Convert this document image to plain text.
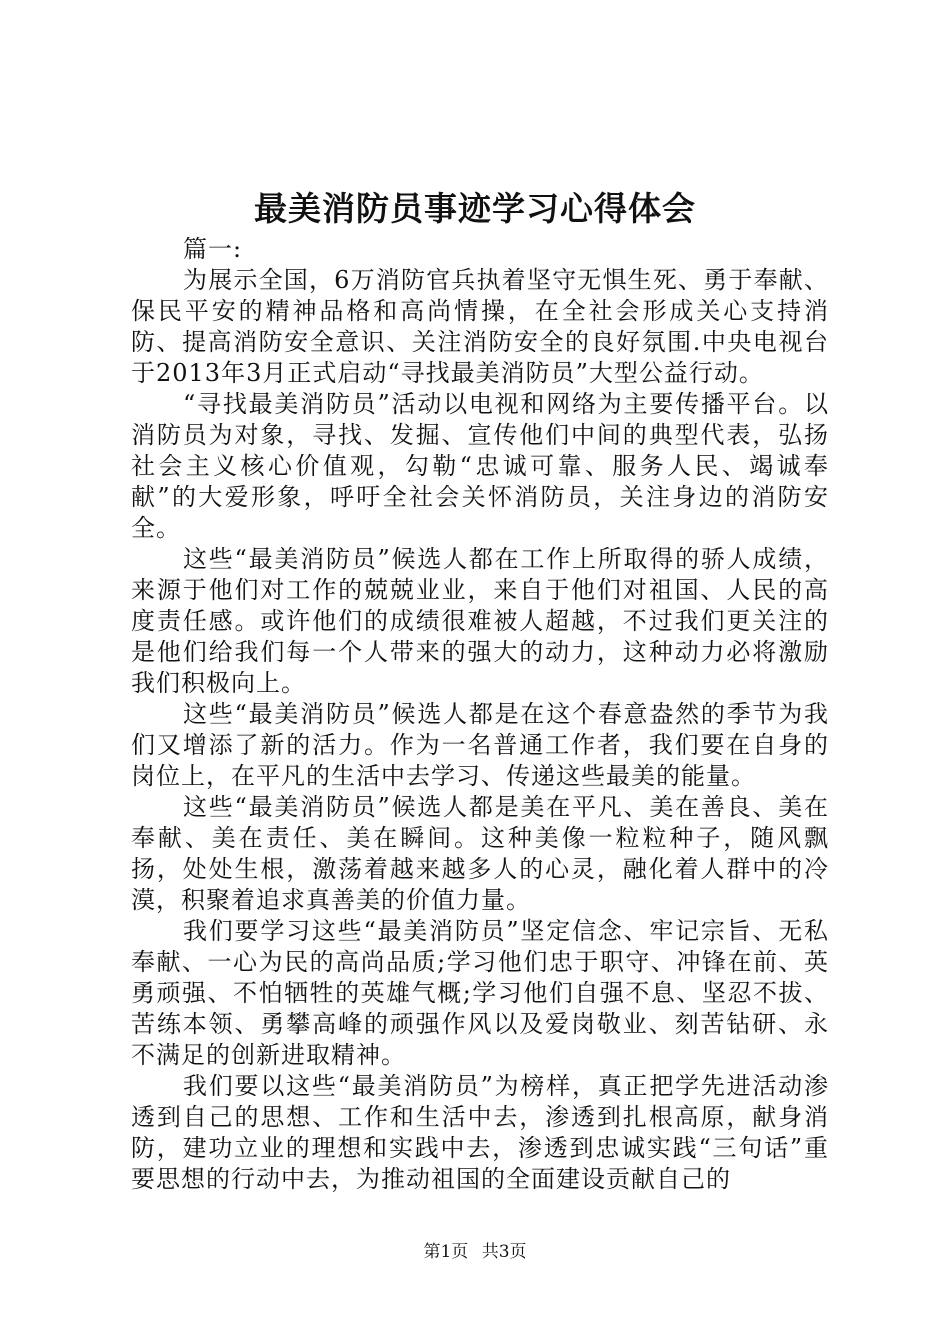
最美消防员事迹学习心得体会

篇一:

为展示全国，6万消防官兵执着坚守无惧生死、勇于奉献、保民平安的精神品格和高尚情操，在全社会形成关心支持消防、提高消防安全意识、关注消防安全的良好氛围.中央电视台于2013年3月正式启动“寻找最美消防员”大型公益行动。

“寻找最美消防员”活动以电视和网络为主要传播平台。以消防员为对象，寻找、发掘、宣传他们中间的典型代表，弘扬社会主义核心价值观，勾勒“忠诚可靠、服务人民、竭诚奉献”的大爱形象，呼吁全社会关怀消防员，关注身边的消防安全。

这些“最美消防员”候选人都在工作上所取得的骄人成绩，来源于他们对工作的兢兢业业，来自于他们对祖国、人民的高度责任感。或许他们的成绩很难被人超越，不过我们更关注的是他们给我们每一个人带来的强大的动力，这种动力必将激励我们积极向上。

这些“最美消防员”候选人都是在这个春意盎然的季节为我们又增添了新的活力。作为一名普通工作者，我们要在自身的岗位上，在平凡的生活中去学习、传递这些最美的能量。

这些“最美消防员”候选人都是美在平凡、美在善良、美在奉献、美在责任、美在瞬间。这种美像一粒粒种子，随风飘扬，处处生根，激荡着越来越多人的心灵，融化着人群中的冷漠，积聚着追求真善美的价值力量。

我们要学习这些“最美消防员”坚定信念、牢记宗旨、无私奉献、一心为民的高尚品质;学习他们忠于职守、冲锋在前、英勇顽强、不怕牺牲的英雄气概;学习他们自强不息、坚忍不拔、苦练本领、勇攀高峰的顽强作风以及爱岗敬业、刻苦钻研、永不满足的创新进取精神。

我们要以这些“最美消防员”为榜样，真正把学先进活动渗透到自己的思想、工作和生活中去，渗透到扎根高原，献身消防，建功立业的理想和实践中去，渗透到忠诚实践“三句话”重要思想的行动中去，为推动祖国的全面建设贡献自己的

第1页 共3页
